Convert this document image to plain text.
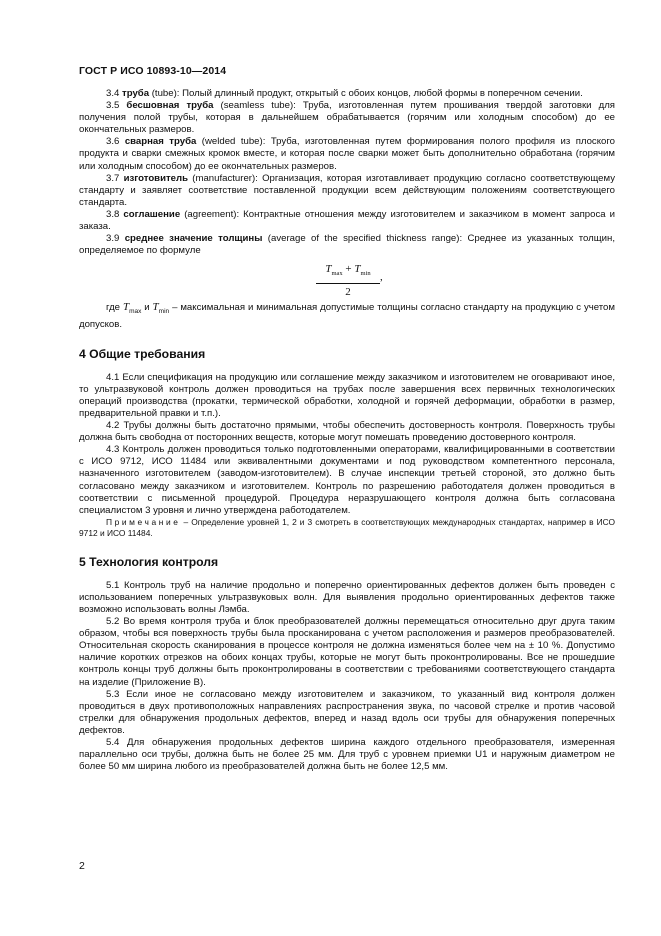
ГОСТ Р ИСО 10893-10—2014

3.4 труба (tube): Полый длинный продукт, открытый с обоих концов, любой формы в поперечном сечении.

3.5 бесшовная труба (seamless tube): Труба, изготовленная путем прошивания твердой заготовки для получения полой трубы, которая в дальнейшем обрабатывается (горячим или холодным способом) до ее окончательных размеров.

3.6 сварная труба (welded tube): Труба, изготовленная путем формирования полого профиля из плоского продукта и сварки смежных кромок вместе, и которая после сварки может быть дополнительно обработана (горячим или холодным способом) до ее окончательных размеров.

3.7 изготовитель (manufacturer): Организация, которая изготавливает продукцию согласно соответствующему стандарту и заявляет соответствие поставленной продукции всем действующим положениям соответствующего стандарта.

3.8 соглашение (agreement): Контрактные отношения между изготовителем и заказчиком в момент запроса и заказа.

3.9 среднее значение толщины (average of the specified thickness range): Среднее из указанных толщин, определяемое по формуле

$T_{max} + T_{min}$
2
,

где $T_{max}$ и $T_{min}$ – максимальная и минимальная допустимые толщины согласно стандарту на продукцию с учетом допусков.

4 Общие требования

4.1 Если спецификация на продукцию или соглашение между заказчиком и изготовителем не оговаривают иное, то ультразвуковой контроль должен проводиться на трубах после завершения всех первичных технологических операций производства (прокатки, термической обработки, холодной и горячей деформации, обработки в размер, предварительной правки и т.п.).

4.2 Трубы должны быть достаточно прямыми, чтобы обеспечить достоверность контроля. Поверхность трубы должна быть свободна от посторонних веществ, которые могут помешать проведению достоверного контроля.

4.3 Контроль должен проводиться только подготовленными операторами, квалифицированными в соответствии с ИСО 9712, ИСО 11484 или эквивалентными документами и под руководством компетентного персонала, назначенного изготовителем (заводом-изготовителем). В случае инспекции третьей стороной, это должно быть согласовано между заказчиком и изготовителем. Контроль по разрешению работодателя должен проводиться в соответствии с письменной процедурой. Процедура неразрушающего контроля должна быть согласована специалистом 3 уровня и лично утверждена работодателем.

Примечание – Определение уровней 1, 2 и 3 смотреть в соответствующих международных стандартах, например в ИСО 9712 и ИСО 11484.

5 Технология контроля

5.1 Контроль труб на наличие продольно и поперечно ориентированных дефектов должен быть проведен с использованием поперечных ультразвуковых волн. Для выявления продольно ориентированных дефектов также возможно использовать волны Лэмба.

5.2 Во время контроля труба и блок преобразователей должны перемещаться относительно друг друга таким образом, чтобы вся поверхность трубы была просканирована с учетом расположения и размеров преобразователей. Относительная скорость сканирования в процессе контроля не должна изменяться более чем на ± 10 %. Допустимо наличие коротких отрезков на обоих концах трубы, которые не могут быть проконтролированы. Все не прошедшие контроль концы труб должны быть проконтролированы в соответствии с требованиями соответствующего стандарта на изделие (Приложение В).

5.3 Если иное не согласовано между изготовителем и заказчиком, то указанный вид контроля должен проводиться в двух противоположных направлениях распространения звука, по часовой стрелке и против часовой стрелки для обнаружения продольных дефектов, вперед и назад вдоль оси трубы для обнаружения поперечных дефектов.

5.4 Для обнаружения продольных дефектов ширина каждого отдельного преобразователя, измеренная параллельно оси трубы, должна быть не более 25 мм. Для труб с уровнем приемки U1 и наружным диаметром не более 50 мм ширина любого из преобразователей должна быть не более 12,5 мм.

2
